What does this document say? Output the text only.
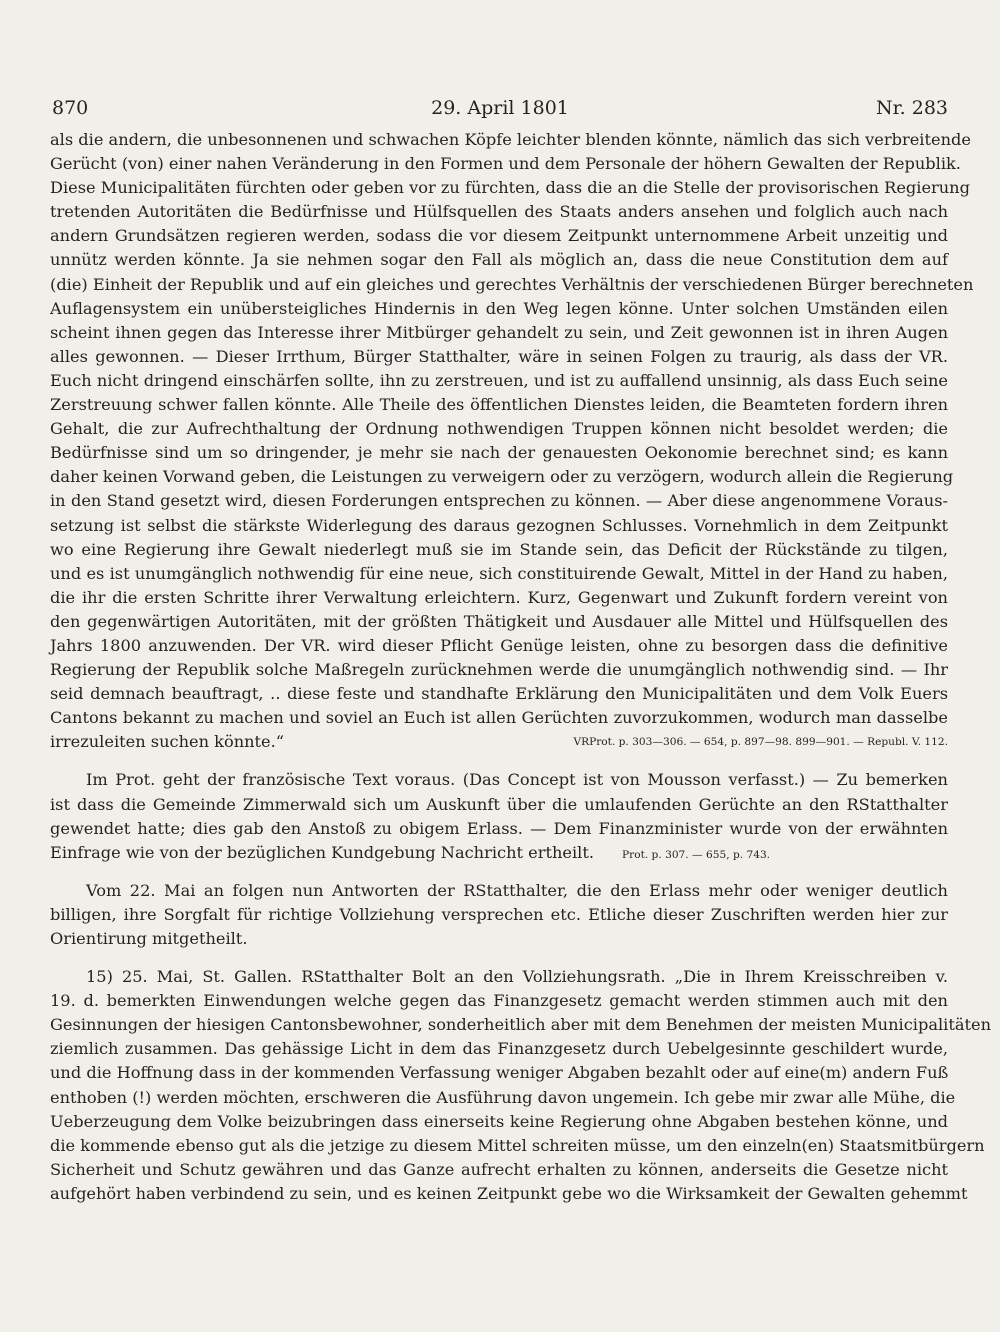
870	29. April 1801	Nr. 283
als die andern, die unbesonnenen und schwachen Köpfe leichter blenden könnte, nämlich das sich verbreitende
Gerücht (von) einer nahen Veränderung in den Formen und dem Personale der höhern Gewalten der Republik.
Diese Municipalitäten fürchten oder geben vor zu fürchten, dass die an die Stelle der provisorischen Regierung
tretenden Autoritäten die Bedürfnisse und Hülfsquellen des Staats anders ansehen und folglich auch nach
andern Grundsätzen regieren werden, sodass die vor diesem Zeitpunkt unternommene Arbeit unzeitig und
unnütz werden könnte. Ja sie nehmen sogar den Fall als möglich an, dass die neue Constitution dem auf
(die) Einheit der Republik und auf ein gleiches und gerechtes Verhältnis der verschiedenen Bürger berechneten
Auflagensystem ein unübersteigliches Hindernis in den Weg legen könne. Unter solchen Umständen eilen
scheint ihnen gegen das Interesse ihrer Mitbürger gehandelt zu sein, und Zeit gewonnen ist in ihren Augen
alles gewonnen. — Dieser Irrthum, Bürger Statthalter, wäre in seinen Folgen zu traurig, als dass der VR.
Euch nicht dringend einschärfen sollte, ihn zu zerstreuen, und ist zu auffallend unsinnig, als dass Euch seine
Zerstreuung schwer fallen könnte. Alle Theile des öffentlichen Dienstes leiden, die Beamteten fordern ihren
Gehalt, die zur Aufrechthaltung der Ordnung nothwendigen Truppen können nicht besoldet werden; die
Bedürfnisse sind um so dringender, je mehr sie nach der genauesten Oekonomie berechnet sind; es kann
daher keinen Vorwand geben, die Leistungen zu verweigern oder zu verzögern, wodurch allein die Regierung
in den Stand gesetzt wird, diesen Forderungen entsprechen zu können. — Aber diese angenommene Voraus-
setzung ist selbst die stärkste Widerlegung des daraus gezognen Schlusses. Vornehmlich in dem Zeitpunkt
wo eine Regierung ihre Gewalt niederlegt muß sie im Stande sein, das Deficit der Rückstände zu tilgen,
und es ist unumgänglich nothwendig für eine neue, sich constituirende Gewalt, Mittel in der Hand zu haben,
die ihr die ersten Schritte ihrer Verwaltung erleichtern. Kurz, Gegenwart und Zukunft fordern vereint von
den gegenwärtigen Autoritäten, mit der größten Thätigkeit und Ausdauer alle Mittel und Hülfsquellen des
Jahrs 1800 anzuwenden. Der VR. wird dieser Pflicht Genüge leisten, ohne zu besorgen dass die definitive
Regierung der Republik solche Maßregeln zurücknehmen werde die unumgänglich nothwendig sind. — Ihr
seid demnach beauftragt, .. diese feste und standhafte Erklärung den Municipalitäten und dem Volk Euers
Cantons bekannt zu machen und soviel an Euch ist allen Gerüchten zuvorzukommen, wodurch man dasselbe
irrezuleiten suchen könnte.“	VRProt. p. 303—306. — 654, p. 897—98. 899—901. — Republ. V. 112.
Im Prot. geht der französische Text voraus. (Das Concept ist von Mousson verfasst.) — Zu bemerken
ist dass die Gemeinde Zimmerwald sich um Auskunft über die umlaufenden Gerüchte an den RStatthalter
gewendet hatte; dies gab den Anstoß zu obigem Erlass. — Dem Finanzminister wurde von der erwähnten
Einfrage wie von der bezüglichen Kundgebung Nachricht ertheilt.	Prot. p. 307. — 655, p. 743.
Vom 22. Mai an folgen nun Antworten der RStatthalter, die den Erlass mehr oder weniger deutlich
billigen, ihre Sorgfalt für richtige Vollziehung versprechen etc. Etliche dieser Zuschriften werden hier zur
Orientirung mitgetheilt.
15) 25. Mai, St. Gallen. RStatthalter Bolt an den Vollziehungsrath. „Die in Ihrem Kreisschreiben v.
19. d. bemerkten Einwendungen welche gegen das Finanzgesetz gemacht werden stimmen auch mit den
Gesinnungen der hiesigen Cantonsbewohner, sonderheitlich aber mit dem Benehmen der meisten Municipalitäten
ziemlich zusammen. Das gehässige Licht in dem das Finanzgesetz durch Uebelgesinnte geschildert wurde,
und die Hoffnung dass in der kommenden Verfassung weniger Abgaben bezahlt oder auf eine(m) andern Fuß
enthoben (!) werden möchten, erschweren die Ausführung davon ungemein. Ich gebe mir zwar alle Mühe, die
Ueberzeugung dem Volke beizubringen dass einerseits keine Regierung ohne Abgaben bestehen könne, und
die kommende ebenso gut als die jetzige zu diesem Mittel schreiten müsse, um den einzeln(en) Staatsmitbürgern
Sicherheit und Schutz gewähren und das Ganze aufrecht erhalten zu können, anderseits die Gesetze nicht
aufgehört haben verbindend zu sein, und es keinen Zeitpunkt gebe wo die Wirksamkeit der Gewalten gehemmt
